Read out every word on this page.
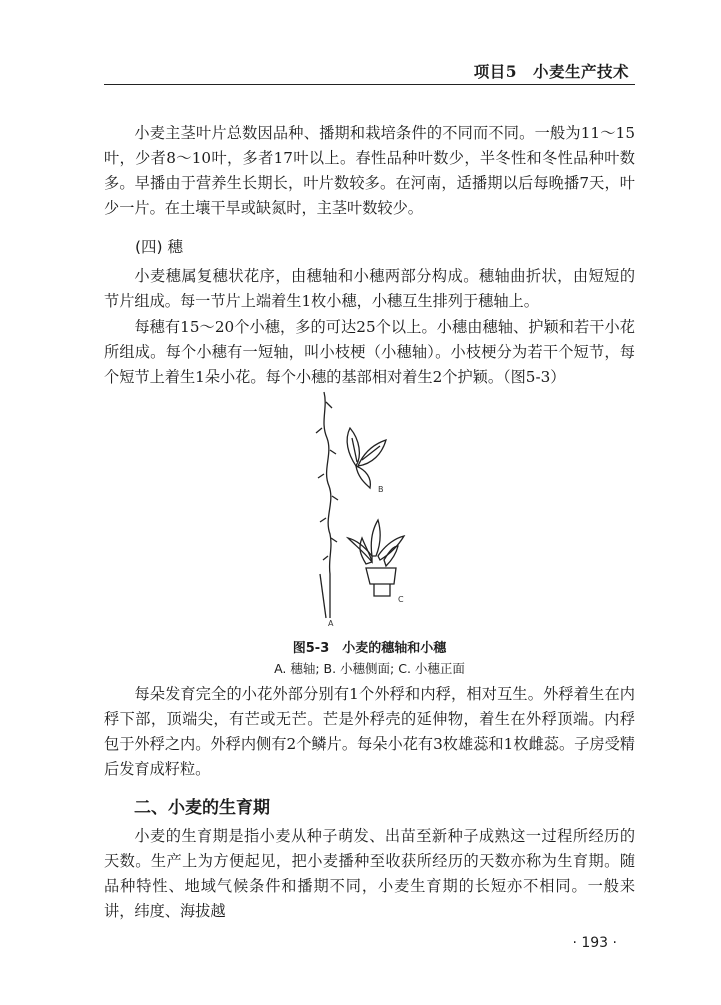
项目5　小麦生产技术

小麦主茎叶片总数因品种、播期和栽培条件的不同而不同。一般为11～15叶，少者8～10叶，多者17叶以上。春性品种叶数少，半冬性和冬性品种叶数多。早播由于营养生长期长，叶片数较多。在河南，适播期以后每晚播7天，叶少一片。在土壤干旱或缺氮时，主茎叶数较少。

(四) 穗

小麦穗属复穗状花序，由穗轴和小穗两部分构成。穗轴曲折状，由短短的节片组成。每一节片上端着生1枚小穗，小穗互生排列于穗轴上。

每穗有15～20个小穗，多的可达25个以上。小穗由穗轴、护颖和若干小花所组成。每个小穗有一短轴，叫小枝梗（小穗轴）。小枝梗分为若干个短节，每个短节上着生1朵小花。每个小穗的基部相对着生2个护颖。（图5-3）

A
B
C

图5-3　小麦的穗轴和小穗

A. 穗轴; B. 小穗侧面; C. 小穗正面

每朵发育完全的小花外部分别有1个外稃和内稃，相对互生。外稃着生在内稃下部，顶端尖，有芒或无芒。芒是外稃壳的延伸物，着生在外稃顶端。内稃包于外稃之内。外稃内侧有2个鳞片。每朵小花有3枚雄蕊和1枚雌蕊。子房受精后发育成籽粒。

二、小麦的生育期

小麦的生育期是指小麦从种子萌发、出苗至新种子成熟这一过程所经历的天数。生产上为方便起见，把小麦播种至收获所经历的天数亦称为生育期。随品种特性、地域气候条件和播期不同，小麦生育期的长短亦不相同。一般来讲，纬度、海拔越

· 193 ·
